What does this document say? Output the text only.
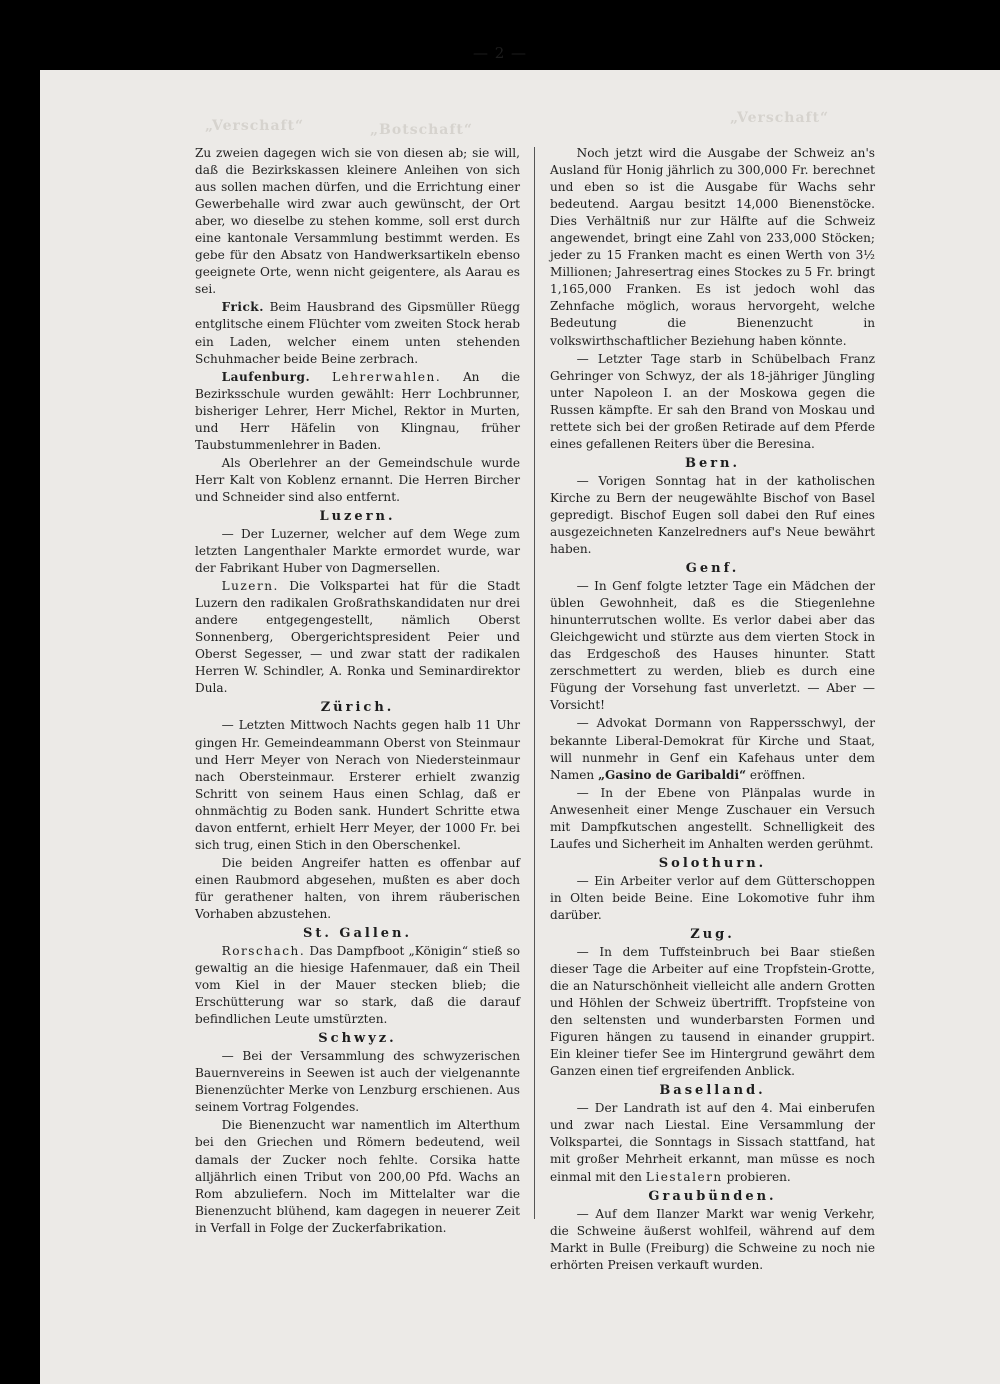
„Verschaft“	„Botschaft“
„Verschaft“
— 2 —

Zu zweien dagegen wich sie von diesen ab; sie will, daß die Bezirkskassen kleinere Anleihen von sich aus sollen machen dürfen, und die Errichtung einer Gewerbehalle wird zwar auch gewünscht, der Ort aber, wo dieselbe zu stehen komme, soll erst durch eine kantonale Versammlung bestimmt werden. Es gebe für den Absatz von Handwerksartikeln ebenso geeignete Orte, wenn nicht geigentere, als Aarau es sei.

Frick. Beim Hausbrand des Gipsmüller Rüegg entglitsche einem Flüchter vom zweiten Stock herab ein Laden, welcher einem unten stehenden Schuhmacher beide Beine zerbrach.

Laufenburg. Lehrerwahlen. An die Bezirksschule wurden gewählt: Herr Lochbrunner, bisheriger Lehrer, Herr Michel, Rektor in Murten, und Herr Häfelin von Klingnau, früher Taubstummenlehrer in Baden.

Als Oberlehrer an der Gemeindschule wurde Herr Kalt von Koblenz ernannt. Die Herren Bircher und Schneider sind also entfernt.

Luzern.

— Der Luzerner, welcher auf dem Wege zum letzten Langenthaler Markte ermordet wurde, war der Fabrikant Huber von Dagmersellen.

Luzern. Die Volkspartei hat für die Stadt Luzern den radikalen Großrathskandidaten nur drei andere entgegengestellt, nämlich Oberst Sonnenberg, Obergerichtspresident Peier und Oberst Segesser, — und zwar statt der radikalen Herren W. Schindler, A. Ronka und Seminardirektor Dula.

Zürich.

— Letzten Mittwoch Nachts gegen halb 11 Uhr gingen Hr. Gemeindeammann Oberst von Steinmaur und Herr Meyer von Nerach von Niedersteinmaur nach Obersteinmaur. Ersterer erhielt zwanzig Schritt von seinem Haus einen Schlag, daß er ohnmächtig zu Boden sank. Hundert Schritte etwa davon entfernt, erhielt Herr Meyer, der 1000 Fr. bei sich trug, einen Stich in den Oberschenkel.

Die beiden Angreifer hatten es offenbar auf einen Raubmord abgesehen, mußten es aber doch für gerathener halten, von ihrem räuberischen Vorhaben abzustehen.

St. Gallen.

Rorschach. Das Dampfboot „Königin“ stieß so gewaltig an die hiesige Hafenmauer, daß ein Theil vom Kiel in der Mauer stecken blieb; die Erschütterung war so stark, daß die darauf befindlichen Leute umstürzten.

Schwyz.

— Bei der Versammlung des schwyzerischen Bauernvereins in Seewen ist auch der vielgenannte Bienenzüchter Merke von Lenzburg erschienen. Aus seinem Vortrag Folgendes.

Die Bienenzucht war namentlich im Alterthum bei den Griechen und Römern bedeutend, weil damals der Zucker noch fehlte. Corsika hatte alljährlich einen Tribut von 200,00 Pfd. Wachs an Rom abzuliefern. Noch im Mittelalter war die Bienenzucht blühend, kam dagegen in neuerer Zeit in Verfall in Folge der Zuckerfabrikation.

Noch jetzt wird die Ausgabe der Schweiz an's Ausland für Honig jährlich zu 300,000 Fr. berechnet und eben so ist die Ausgabe für Wachs sehr bedeutend. Aargau besitzt 14,000 Bienenstöcke. Dies Verhältniß nur zur Hälfte auf die Schweiz angewendet, bringt eine Zahl von 233,000 Stöcken; jeder zu 15 Franken macht es einen Werth von 3½ Millionen; Jahresertrag eines Stockes zu 5 Fr. bringt 1,165,000 Franken. Es ist jedoch wohl das Zehnfache möglich, woraus hervorgeht, welche Bedeutung die Bienenzucht in volkswirthschaftlicher Beziehung haben könnte.

— Letzter Tage starb in Schübelbach Franz Gehringer von Schwyz, der als 18-jähriger Jüngling unter Napoleon I. an der Moskowa gegen die Russen kämpfte. Er sah den Brand von Moskau und rettete sich bei der großen Retirade auf dem Pferde eines gefallenen Reiters über die Beresina.

Bern.

— Vorigen Sonntag hat in der katholischen Kirche zu Bern der neugewählte Bischof von Basel gepredigt. Bischof Eugen soll dabei den Ruf eines ausgezeichneten Kanzelredners auf's Neue bewährt haben.

Genf.

— In Genf folgte letzter Tage ein Mädchen der üblen Gewohnheit, daß es die Stiegenlehne hinunterrutschen wollte. Es verlor dabei aber das Gleichgewicht und stürzte aus dem vierten Stock in das Erdgeschoß des Hauses hinunter. Statt zerschmettert zu werden, blieb es durch eine Fügung der Vorsehung fast unverletzt. — Aber — Vorsicht!

— Advokat Dormann von Rappersschwyl, der bekannte Liberal-Demokrat für Kirche und Staat, will nunmehr in Genf ein Kafehaus unter dem Namen „Gasino de Garibaldi“ eröffnen.

— In der Ebene von Plänpalas wurde in Anwesenheit einer Menge Zuschauer ein Versuch mit Dampfkutschen angestellt. Schnelligkeit des Laufes und Sicherheit im Anhalten werden gerühmt.

Solothurn.

— Ein Arbeiter verlor auf dem Gütterschoppen in Olten beide Beine. Eine Lokomotive fuhr ihm darüber.

Zug.

— In dem Tuffsteinbruch bei Baar stießen dieser Tage die Arbeiter auf eine Tropfstein-Grotte, die an Naturschönheit vielleicht alle andern Grotten und Höhlen der Schweiz übertrifft. Tropfsteine von den seltensten und wunderbarsten Formen und Figuren hängen zu tausend in einander gruppirt. Ein kleiner tiefer See im Hintergrund gewährt dem Ganzen einen tief ergreifenden Anblick.

Baselland.

— Der Landrath ist auf den 4. Mai einberufen und zwar nach Liestal. Eine Versammlung der Volkspartei, die Sonntags in Sissach stattfand, hat mit großer Mehrheit erkannt, man müsse es noch einmal mit den Liestalern probieren.

Graubünden.

— Auf dem Ilanzer Markt war wenig Verkehr, die Schweine äußerst wohlfeil, während auf dem Markt in Bulle (Freiburg) die Schweine zu noch nie erhörten Preisen verkauft wurden.
